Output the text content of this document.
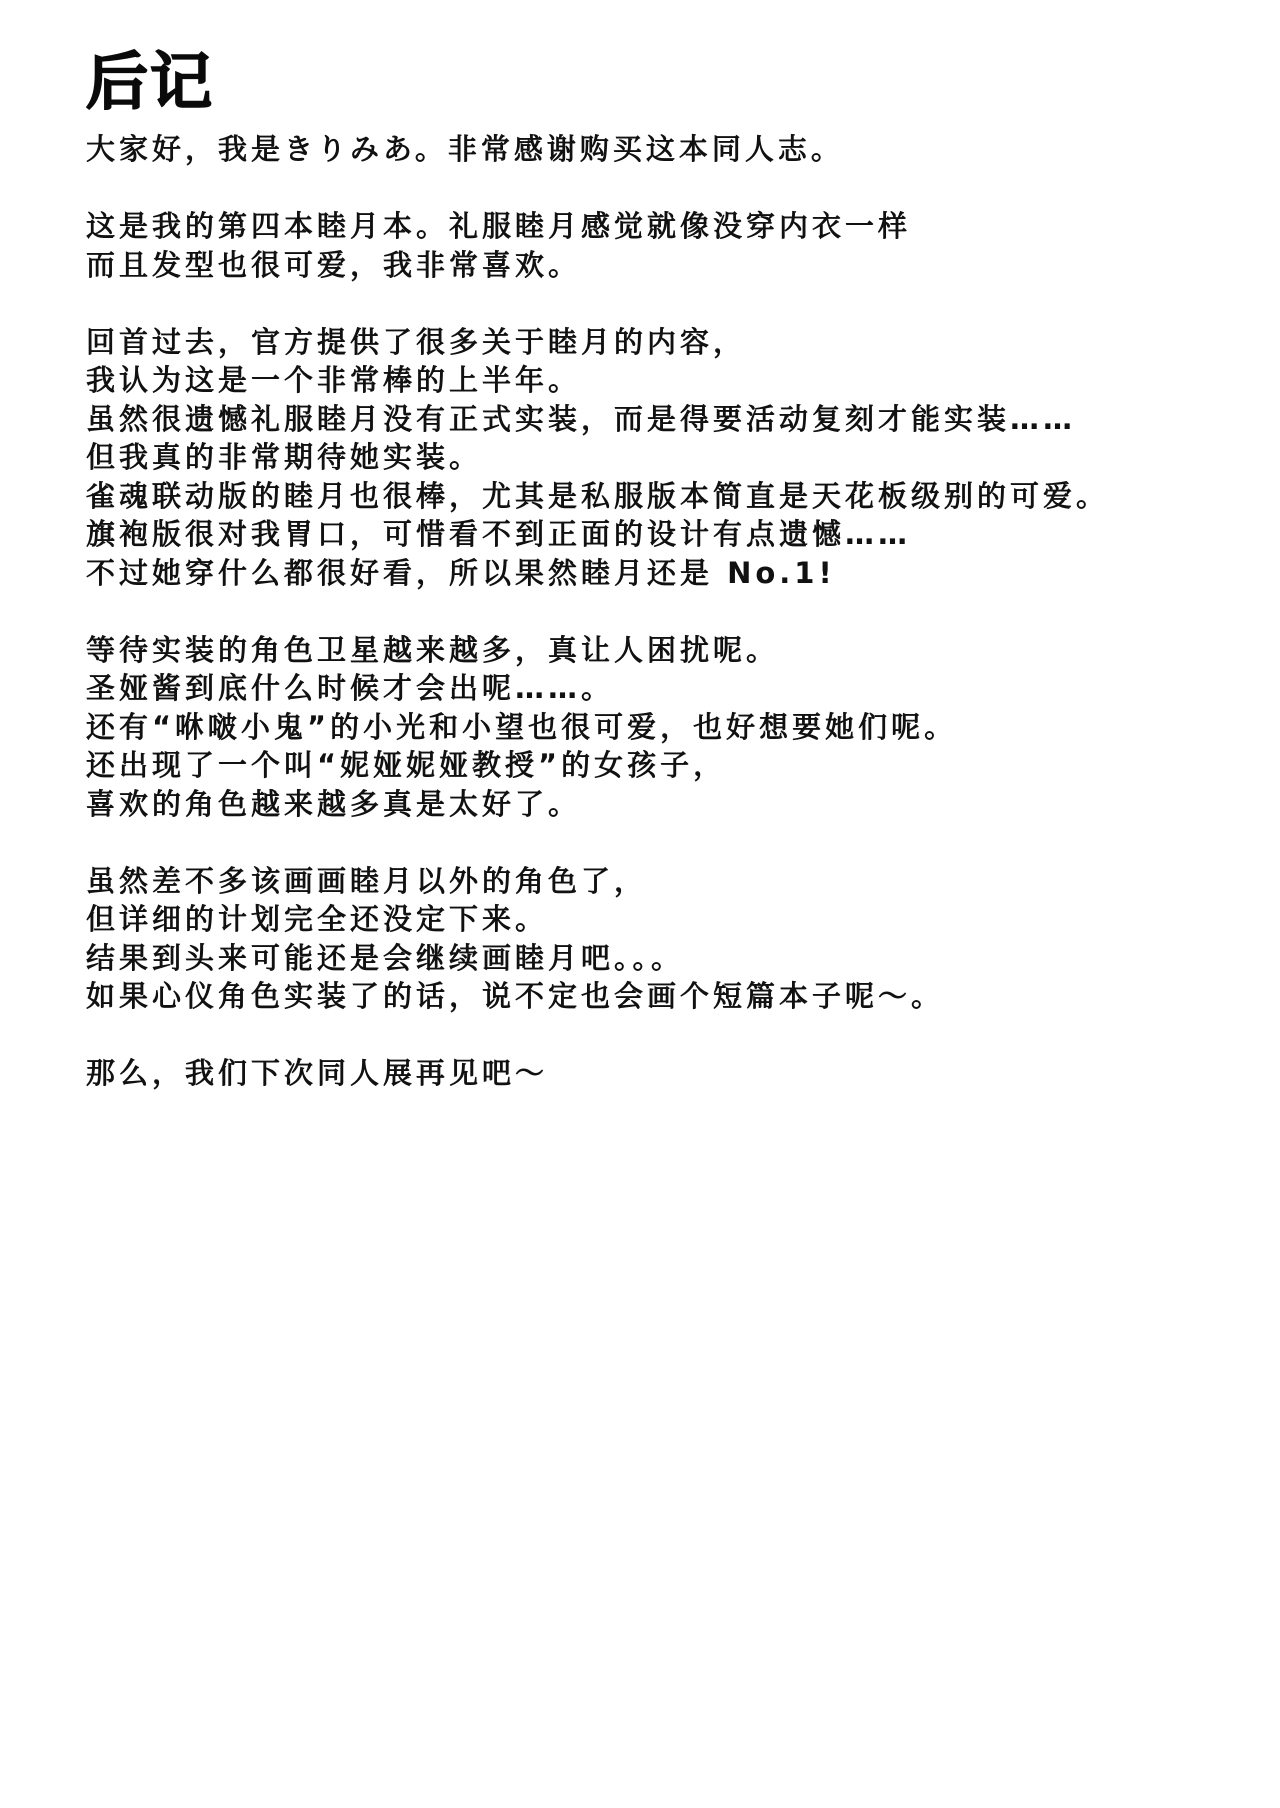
后记

大家好，我是きりみあ。非常感谢购买这本同人志。

这是我的第四本睦月本。礼服睦月感觉就像没穿内衣一样
而且发型也很可爱，我非常喜欢。

回首过去，官方提供了很多关于睦月的内容，
我认为这是一个非常棒的上半年。
虽然很遗憾礼服睦月没有正式实装，而是得要活动复刻才能实装……
但我真的非常期待她实装。
雀魂联动版的睦月也很棒，尤其是私服版本简直是天花板级别的可爱。
旗袍版很对我胃口，可惜看不到正面的设计有点遗憾……
不过她穿什么都很好看，所以果然睦月还是 No.1!

等待实装的角色卫星越来越多，真让人困扰呢。
圣娅酱到底什么时候才会出呢……。
还有“咻啵小鬼”的小光和小望也很可爱，也好想要她们呢。
还出现了一个叫“妮娅妮娅教授”的女孩子，
喜欢的角色越来越多真是太好了。

虽然差不多该画画睦月以外的角色了，
但详细的计划完全还没定下来。
结果到头来可能还是会继续画睦月吧。。。
如果心仪角色实装了的话，说不定也会画个短篇本子呢～。

那么，我们下次同人展再见吧～
